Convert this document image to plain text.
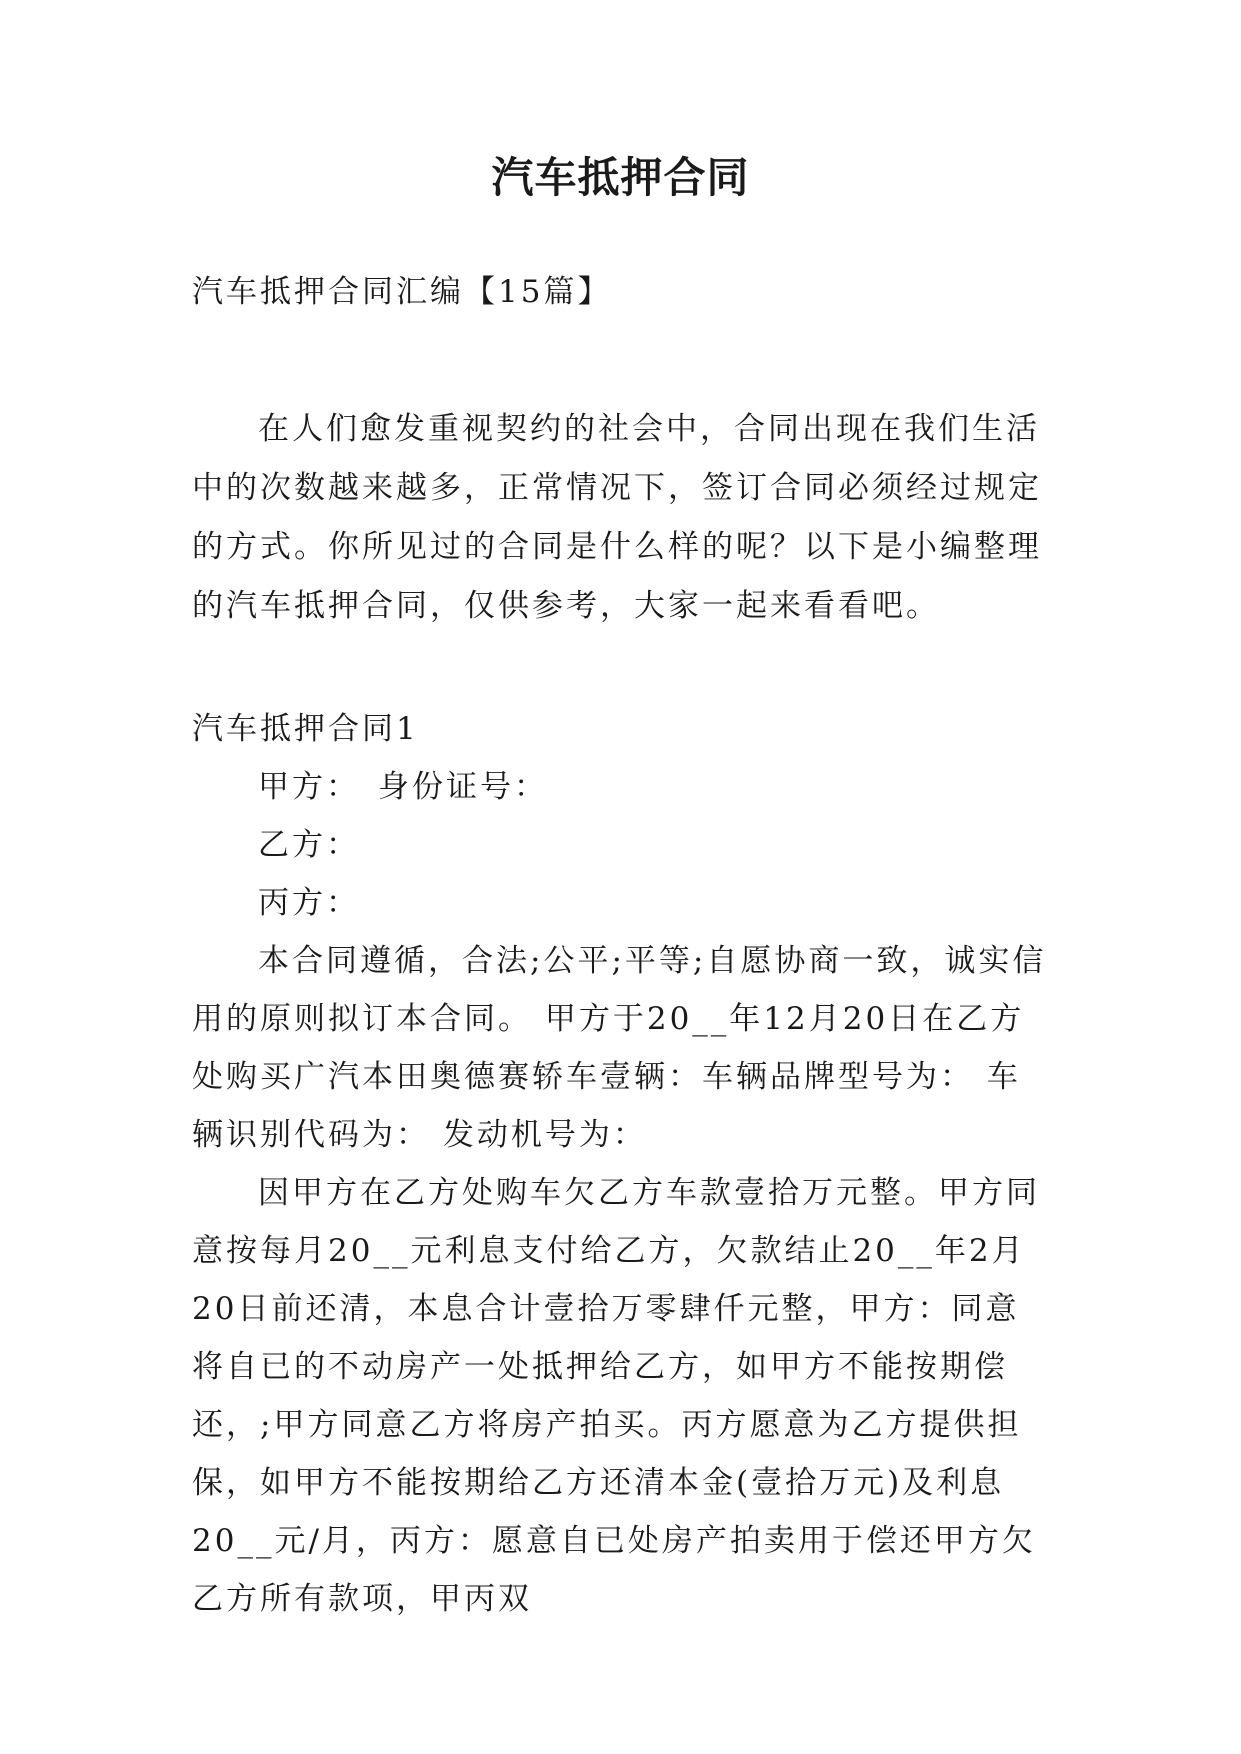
汽车抵押合同
汽车抵押合同汇编【15篇】
在人们愈发重视契约的社会中，合同出现在我们生活中的次数越来越多，正常情况下，签订合同必须经过规定的方式。你所见过的合同是什么样的呢？以下是小编整理的汽车抵押合同，仅供参考，大家一起来看看吧。

汽车抵押合同1

甲方： 身份证号：

乙方：

丙方：

本合同遵循，合法;公平;平等;自愿协商一致，诚实信用的原则拟订本合同。 甲方于20__年12月20日在乙方处购买广汽本田奥德赛轿车壹辆：车辆品牌型号为： 车辆识别代码为： 发动机号为：

因甲方在乙方处购车欠乙方车款壹拾万元整。甲方同意按每月20__元利息支付给乙方，欠款结止20__年2月20日前还清，本息合计壹拾万零肆仟元整，甲方：同意将自已的不动房产一处抵押给乙方，如甲方不能按期偿还，;甲方同意乙方将房产拍买。丙方愿意为乙方提供担保，如甲方不能按期给乙方还清本金(壹拾万元)及利息20__元/月，丙方：愿意自已处房产拍卖用于偿还甲方欠乙方所有款项，甲丙双
